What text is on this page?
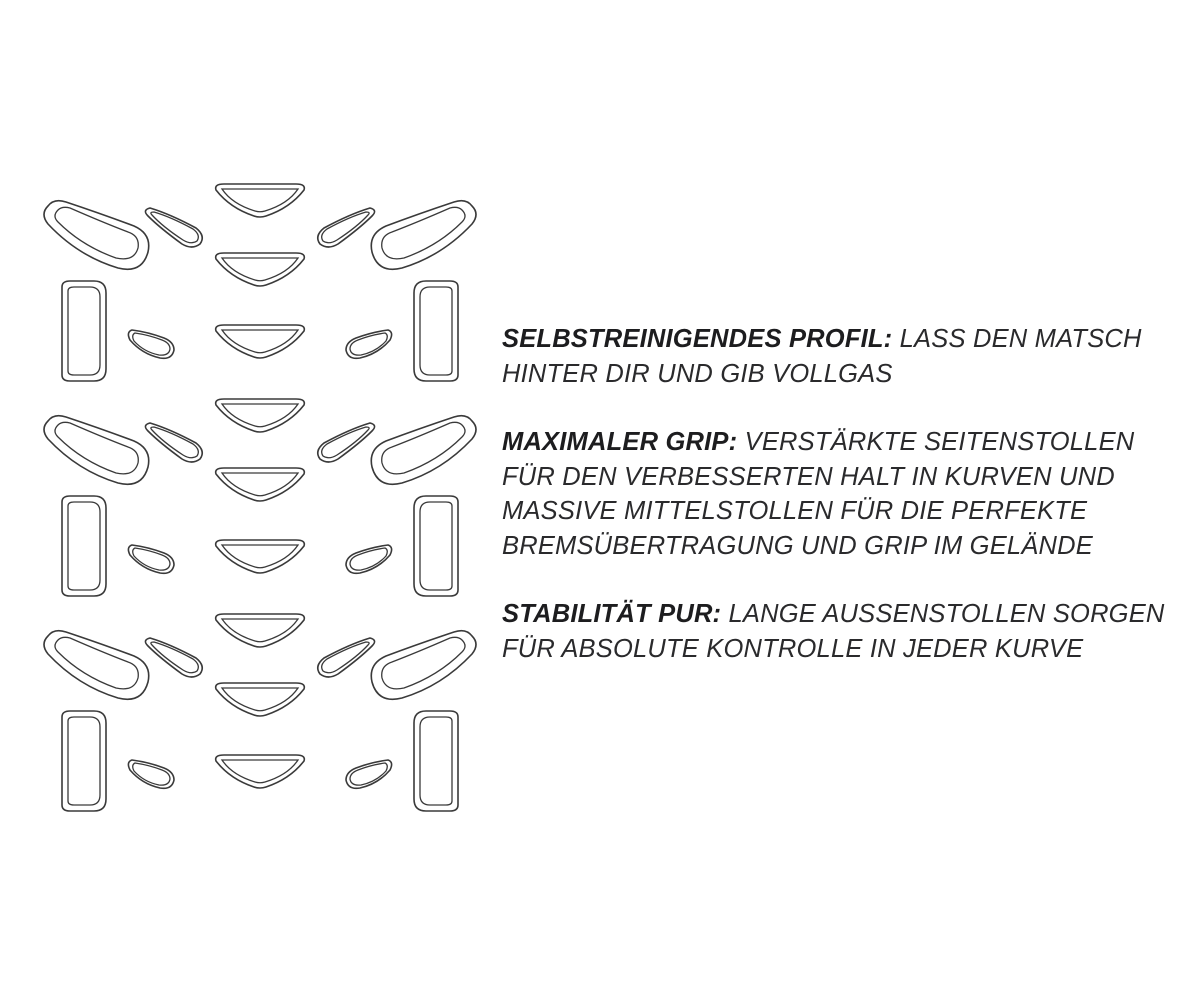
SELBSTREINIGENDES PROFIL: LASS DEN MATSCH HINTER DIR UND GIB VOLLGAS

MAXIMALER GRIP: VERSTÄRKTE SEITENSTOLLEN FÜR DEN VERBESSERTEN HALT IN KURVEN UND MASSIVE MITTELSTOLLEN FÜR DIE PERFEKTE BREMSÜBERTRAGUNG UND GRIP IM GELÄNDE

STABILITÄT PUR: LANGE AUSSENSTOLLEN SORGEN FÜR ABSOLUTE KONTROLLE IN JEDER KURVE
